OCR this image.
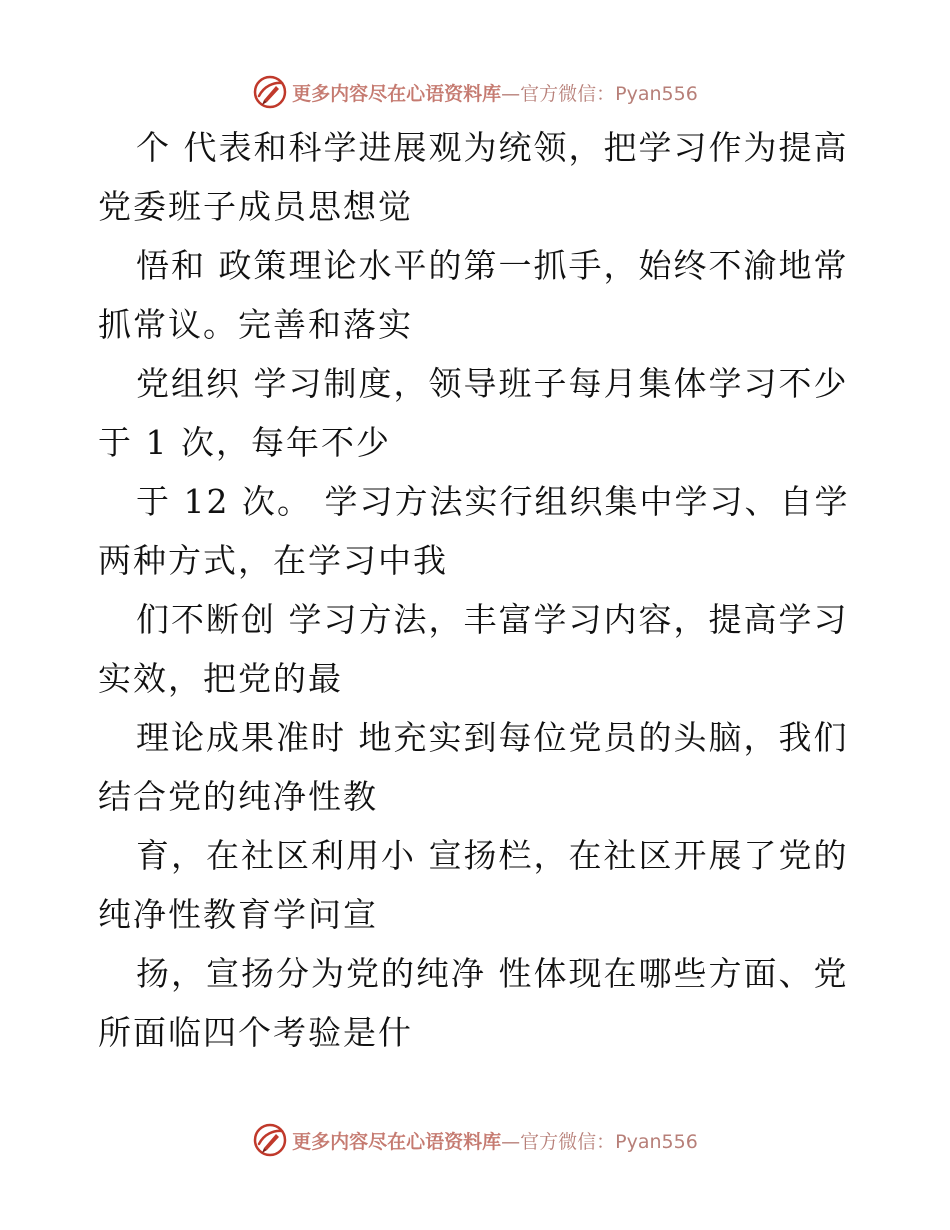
更多内容尽在心语资料库—官方微信：Pyan556
个 代表和科学进展观为统领，把学习作为提高
党委班子成员思想觉
悟和 政策理论水平的第一抓手，始终不渝地常
抓常议。完善和落实
党组织 学习制度，领导班子每月集体学习不少
于 1 次，每年不少
于 12 次。 学习方法实行组织集中学习、自学
两种方式，在学习中我
们不断创 学习方法，丰富学习内容，提高学习
实效，把党的最
理论成果准时 地充实到每位党员的头脑，我们
结合党的纯净性教
育，在社区利用小 宣扬栏，在社区开展了党的
纯净性教育学问宣
扬，宣扬分为党的纯净 性体现在哪些方面、党
所面临四个考验是什
更多内容尽在心语资料库—官方微信：Pyan556
